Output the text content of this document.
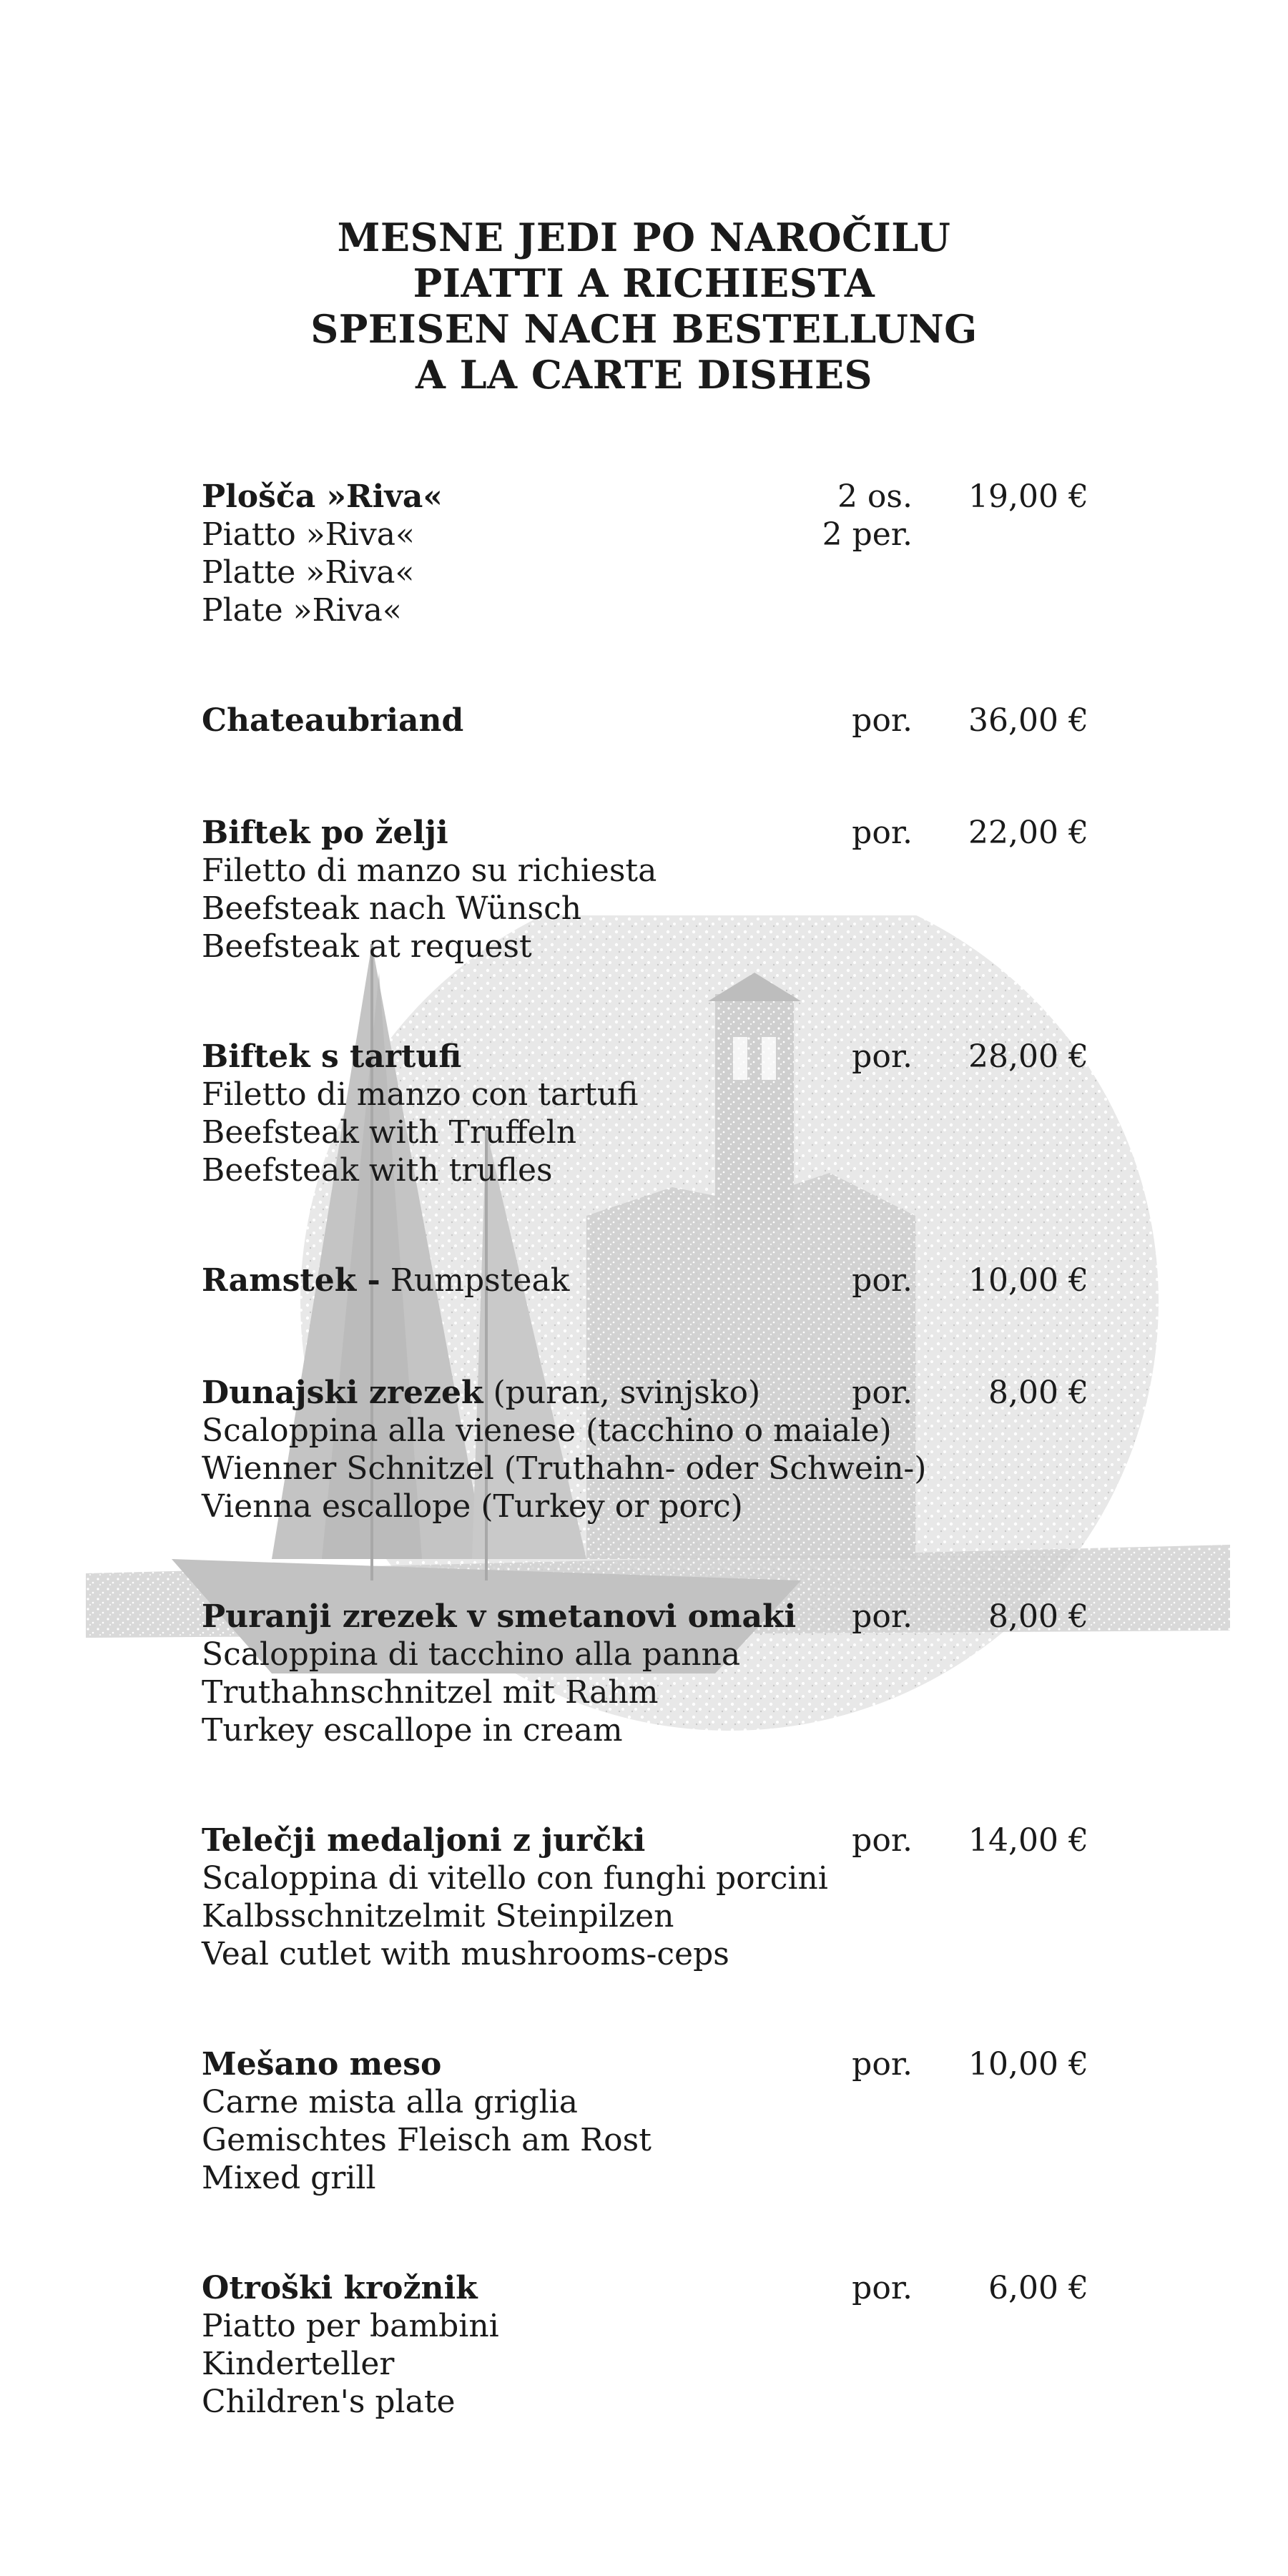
MESNE JEDI PO NAROČILU
PIATTI A RICHIESTA
SPEISEN NACH BESTELLUNG
A LA CARTE DISHES
Plošča »Riva«
Piatto »Riva«
Platte »Riva«
Plate »Riva«
2 os.
2 per.
19,00 €
Chateaubriand	por. 36,00 €
Biftek po želji
Filetto di manzo su richiesta
Beefsteak nach Wünsch
Beefsteak at request
por. 22,00 €
Biftek s tartufi
Filetto di manzo con tartufi
Beefsteak with Truffeln
Beefsteak with trufles
por. 28,00 €
Ramstek - Rumpsteak	por. 10,00 €
Dunajski zrezek (puran, svinjsko)
Scaloppina alla vienese (tacchino o maiale)
Wienner Schnitzel (Truthahn- oder Schwein-)
Vienna escallope (Turkey or porc)
por. 8,00 €
Puranji zrezek v smetanovi omaki
Scaloppina di tacchino alla panna
Truthahnschnitzel mit Rahm
Turkey escallope in cream
por. 8,00 €
Telečji medaljoni z jurčki
Scaloppina di vitello con funghi porcini
Kalbsschnitzelmit Steinpilzen
Veal cutlet with mushrooms-ceps
por. 14,00 €
Mešano meso
Carne mista alla griglia
Gemischtes Fleisch am Rost
Mixed grill
por. 10,00 €
Otroški krožnik
Piatto per bambini
Kinderteller
Children's plate
por. 6,00 €
